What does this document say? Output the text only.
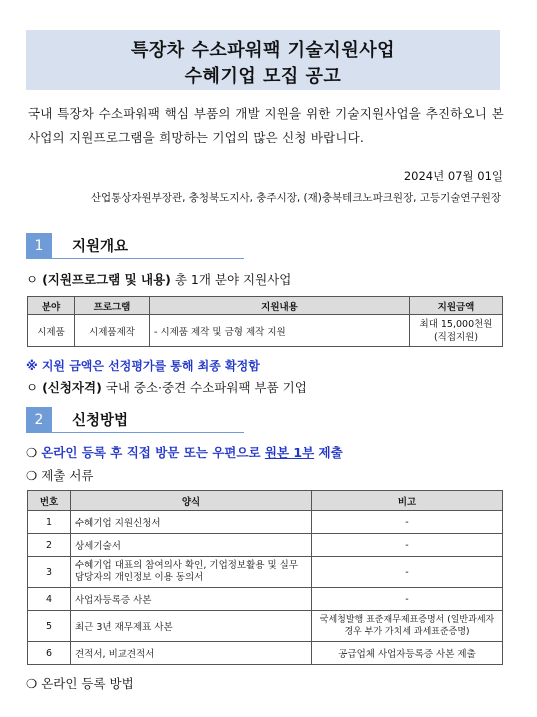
특장차 수소파워팩 기술지원사업
수혜기업 모집 공고
국내 특장차 수소파워팩 핵심 부품의 개발 지원을 위한 기술지원사업을 추진하오니 본 사업의 지원프로그램을 희망하는 기업의 많은 신청 바랍니다.
2024년 07월 01일
산업통상자원부장관, 충청북도지사, 충주시장, (재)충북테크노파크원장, 고등기술연구원장
1	지원개요
ㅇ (지원프로그램 및 내용) 총 1개 분야 지원사업
분야	프로그램	지원내용	지원금액
시제품	시제품제작	- 시제품 제작 및 금형 제작 지원	최대 15,000천원
(직접지원)
※ 지원 금액은 선정평가를 통해 최종 확정함
ㅇ (신청자격) 국내 중소·중견 수소파워팩 부품 기업
2	신청방법
❍ 온라인 등록 후 직접 방문 또는 우편으로 원본 1부 제출
❍ 제출 서류
번호	양식	비고
1	수혜기업 지원신청서	-
2	상세기술서	-
3	수혜기업 대표의 참여의사 확인, 기업정보활용 및 실무담당자의 개인정보 이용 동의서	-
4	사업자등록증 사본	-
5	최근 3년 재무제표 사본	국세청발행 표준재무제표증명서 (일반과세자 경우 부가 가치세 과세표준증명)
6	견적서, 비교견적서	공급업체 사업자등록증 사본 제출
❍ 온라인 등록 방법
